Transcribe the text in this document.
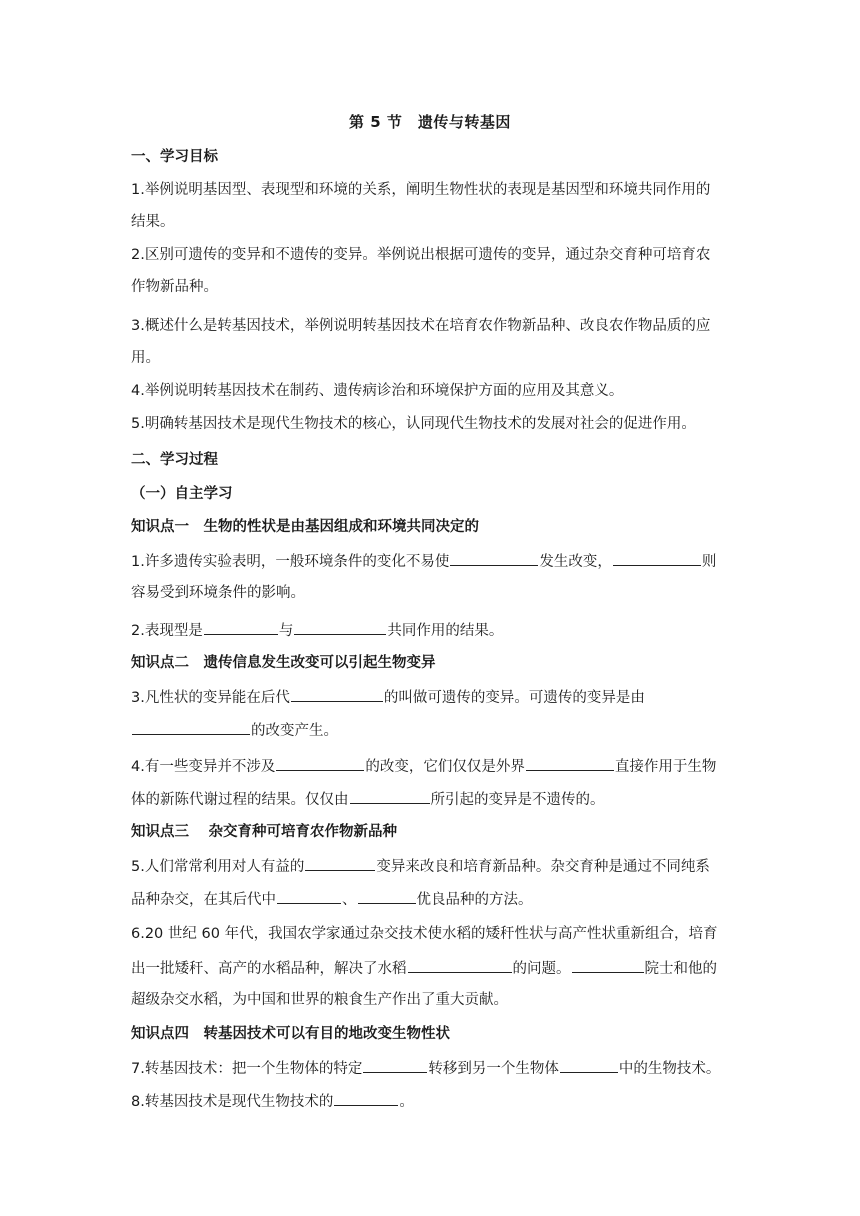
第 5 节　遗传与转基因
一、学习目标
1.举例说明基因型、表现型和环境的关系，阐明生物性状的表现是基因型和环境共同作用的
结果。
2.区别可遗传的变异和不遗传的变异。举例说出根据可遗传的变异，通过杂交育种可培育农
作物新品种。
3.概述什么是转基因技术，举例说明转基因技术在培育农作物新品种、改良农作物品质的应
用。
4.举例说明转基因技术在制药、遗传病诊治和环境保护方面的应用及其意义。
5.明确转基因技术是现代生物技术的核心，认同现代生物技术的发展对社会的促进作用。
二、学习过程
（一）自主学习
知识点一　生物的性状是由基因组成和环境共同决定的
1.许多遗传实验表明，一般环境条件的变化不易使	发生改变，	则
容易受到环境条件的影响。
2.表现型是	与	共同作用的结果。
知识点二　遗传信息发生改变可以引起生物变异
3.凡性状的变异能在后代	的叫做可遗传的变异。可遗传的变异是由
的改变产生。
4.有一些变异并不涉及	的改变，它们仅仅是外界	直接作用于生物
体的新陈代谢过程的结果。仅仅由	所引起的变异是不遗传的。
知识点三　 杂交育种可培育农作物新品种
5.人们常常利用对人有益的	变异来改良和培育新品种。杂交育种是通过不同纯系
品种杂交，在其后代中	、	优良品种的方法。
6.20 世纪 60 年代，我国农学家通过杂交技术使水稻的矮秆性状与高产性状重新组合，培育
出一批矮秆、高产的水稻品种，解决了水稻	的问题。	院士和他的
超级杂交水稻，为中国和世界的粮食生产作出了重大贡献。
知识点四　转基因技术可以有目的地改变生物性状
7.转基因技术：把一个生物体的特定	转移到另一个生物体	中的生物技术。
8.转基因技术是现代生物技术的	。
